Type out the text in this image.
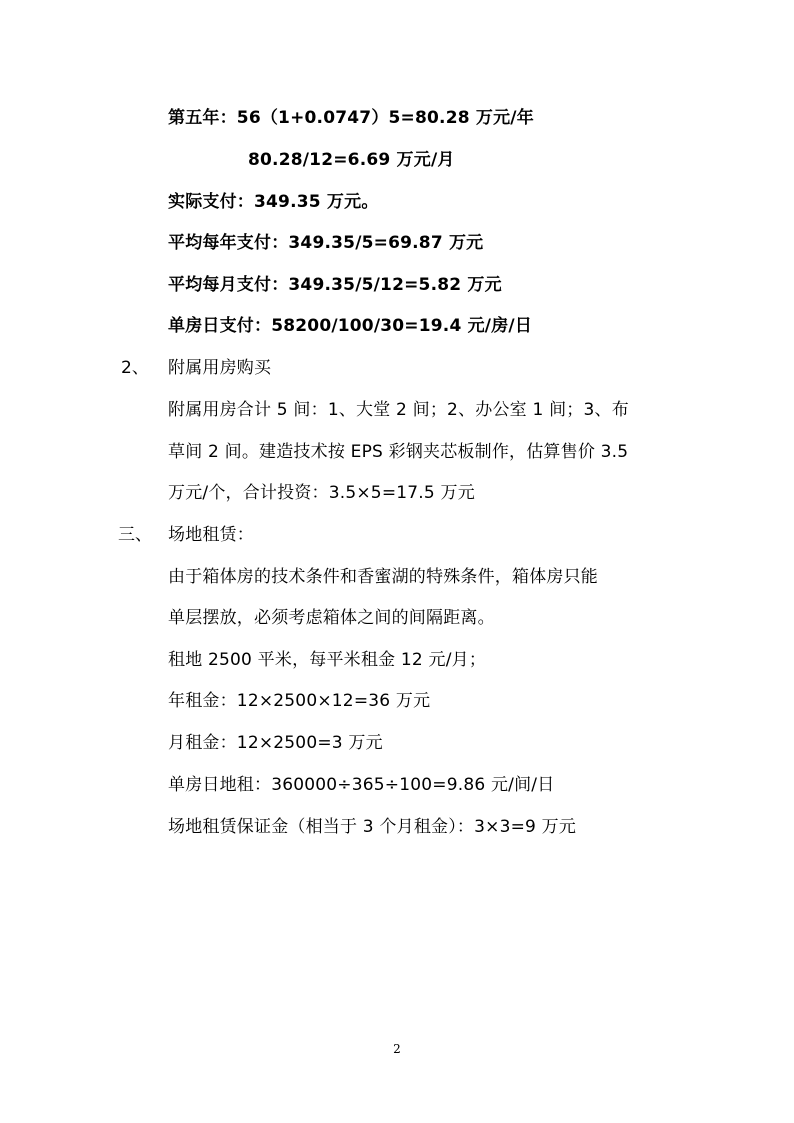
第五年：56（1+0.0747）5=80.28 万元/年
80.28/12=6.69 万元/月
实际支付：349.35 万元。
平均每年支付：349.35/5=69.87 万元
平均每月支付：349.35/5/12=5.82 万元
单房日支付：58200/100/30=19.4 元/房/日
2、 附属用房购买
附属用房合计 5 间：1、大堂 2 间；2、办公室 1 间；3、布
草间 2 间。建造技术按 EPS 彩钢夹芯板制作，估算售价 3.5
万元/个，合计投资：3.5×5=17.5 万元
三、 场地租赁：
由于箱体房的技术条件和香蜜湖的特殊条件，箱体房只能
单层摆放，必须考虑箱体之间的间隔距离。
租地 2500 平米，每平米租金 12 元/月；
年租金：12×2500×12=36 万元
月租金：12×2500=3 万元
单房日地租：360000÷365÷100=9.86 元/间/日
场地租赁保证金（相当于 3 个月租金）：3×3=9 万元
2
